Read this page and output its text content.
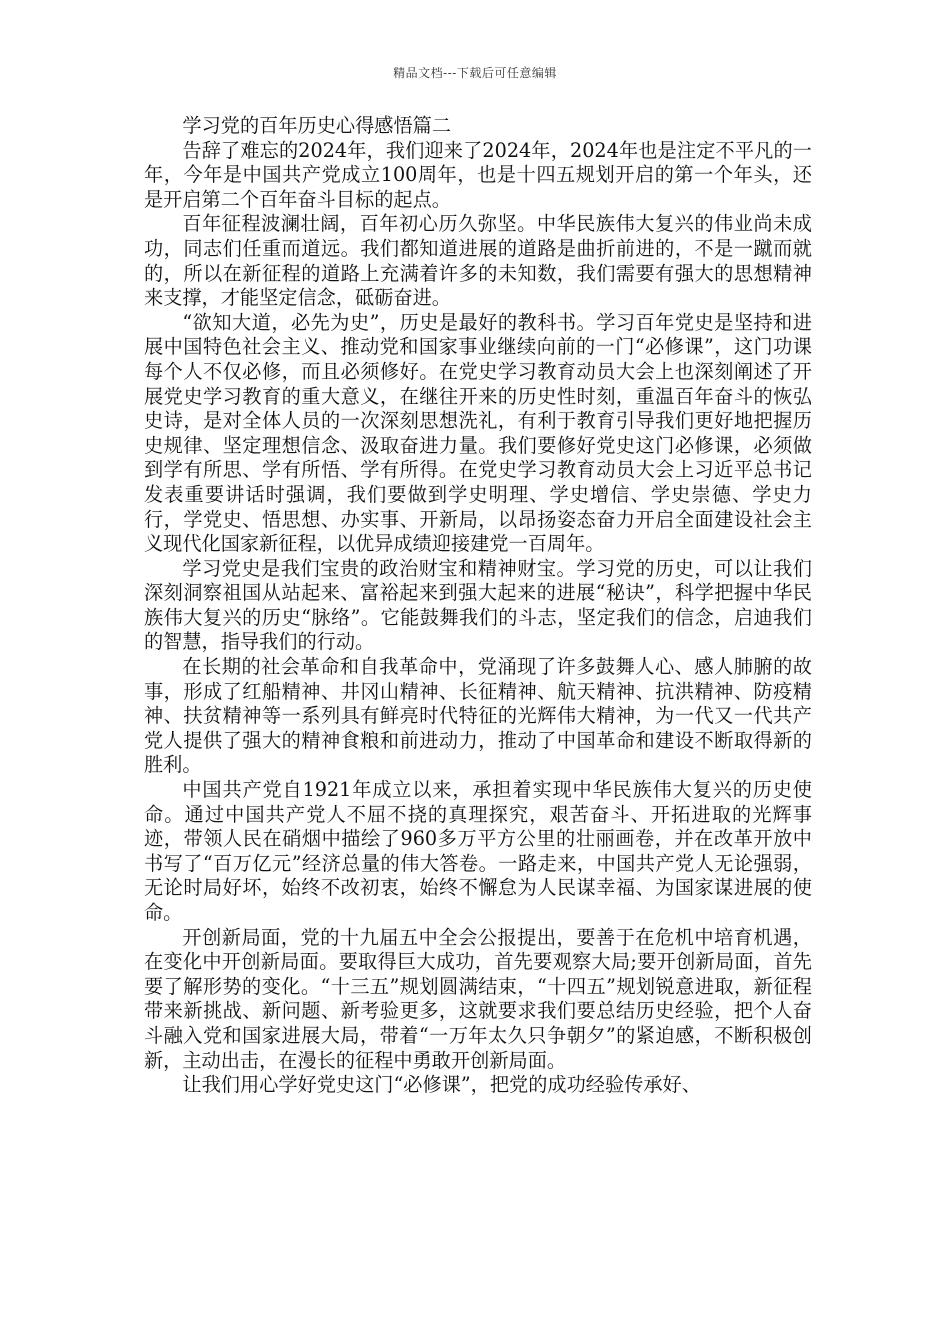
精品文档---下载后可任意编辑
学习党的百年历史心得感悟篇二

告辞了难忘的2024年，我们迎来了2024年，2024年也是注定不平凡的一年，今年是中国共产党成立100周年，也是十四五规划开启的第一个年头，还是开启第二个百年奋斗目标的起点。

百年征程波澜壮阔，百年初心历久弥坚。中华民族伟大复兴的伟业尚未成功，同志们任重而道远。我们都知道进展的道路是曲折前进的，不是一蹴而就的，所以在新征程的道路上充满着许多的未知数，我们需要有强大的思想精神来支撑，才能坚定信念，砥砺奋进。

“欲知大道，必先为史”，历史是最好的教科书。学习百年党史是坚持和进展中国特色社会主义、推动党和国家事业继续向前的一门“必修课”，这门功课每个人不仅必修，而且必须修好。在党史学习教育动员大会上也深刻阐述了开展党史学习教育的重大意义，在继往开来的历史性时刻，重温百年奋斗的恢弘史诗，是对全体人员的一次深刻思想洗礼，有利于教育引导我们更好地把握历史规律、坚定理想信念、汲取奋进力量。我们要修好党史这门必修课，必须做到学有所思、学有所悟、学有所得。在党史学习教育动员大会上习近平总书记发表重要讲话时强调，我们要做到学史明理、学史增信、学史崇德、学史力行，学党史、悟思想、办实事、开新局，以昂扬姿态奋力开启全面建设社会主义现代化国家新征程，以优异成绩迎接建党一百周年。

学习党史是我们宝贵的政治财宝和精神财宝。学习党的历史，可以让我们深刻洞察祖国从站起来、富裕起来到强大起来的进展“秘诀”，科学把握中华民族伟大复兴的历史“脉络”。它能鼓舞我们的斗志，坚定我们的信念，启迪我们的智慧，指导我们的行动。

在长期的社会革命和自我革命中，党涌现了许多鼓舞人心、感人肺腑的故事，形成了红船精神、井冈山精神、长征精神、航天精神、抗洪精神、防疫精神、扶贫精神等一系列具有鲜亮时代特征的光辉伟大精神，为一代又一代共产党人提供了强大的精神食粮和前进动力，推动了中国革命和建设不断取得新的胜利。

中国共产党自1921年成立以来，承担着实现中华民族伟大复兴的历史使命。通过中国共产党人不屈不挠的真理探究，艰苦奋斗、开拓进取的光辉事迹，带领人民在硝烟中描绘了960多万平方公里的壮丽画卷，并在改革开放中书写了“百万亿元”经济总量的伟大答卷。一路走来，中国共产党人无论强弱，无论时局好坏，始终不改初衷，始终不懈怠为人民谋幸福、为国家谋进展的使命。

开创新局面，党的十九届五中全会公报提出，要善于在危机中培育机遇，在变化中开创新局面。要取得巨大成功，首先要观察大局;要开创新局面，首先要了解形势的变化。“十三五”规划圆满结束，“十四五”规划锐意进取，新征程带来新挑战、新问题、新考验更多，这就要求我们要总结历史经验，把个人奋斗融入党和国家进展大局，带着“一万年太久只争朝夕”的紧迫感，不断积极创新，主动出击，在漫长的征程中勇敢开创新局面。

让我们用心学好党史这门“必修课”，把党的成功经验传承好、
